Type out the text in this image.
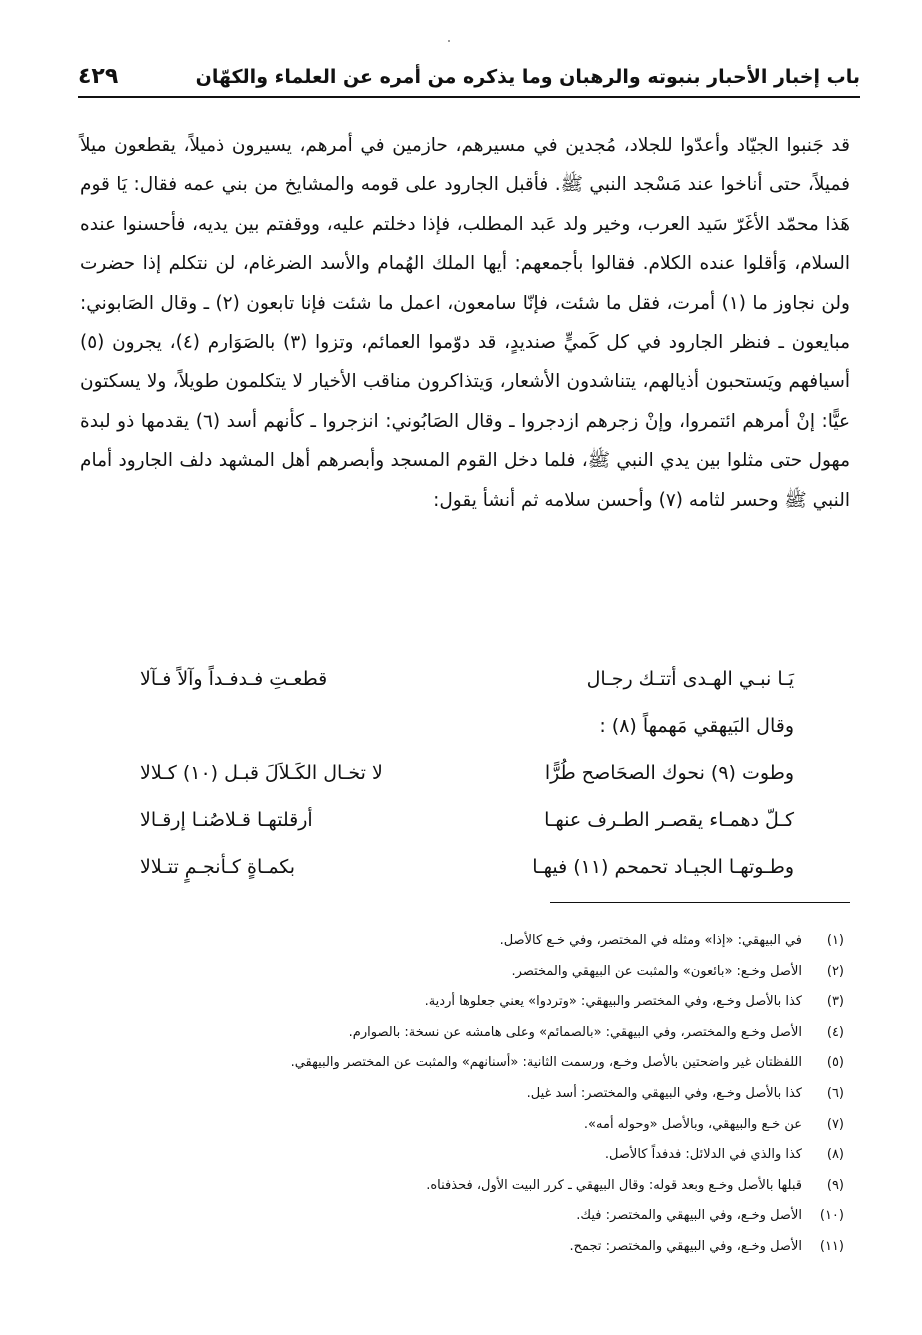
باب إخبار الأحبار بنبوته والرهبان وما يذكره من أمره عن العلماء والكهّان
٤٢٩

قد جَنبوا الجيّاد وأعدّوا للجلاد، مُجدين في مسيرهم، حازمين في أمرهم، يسيرون ذميلاً، يقطعون ميلاً فميلاً، حتى أناخوا عند مَسْجد النبي ﷺ. فأقبل الجارود على قومه والمشايخ من بني عمه فقال: يَا قوم هَذا محمّد الأغَرّ سَيد العرب، وخير ولد عَبد المطلب، فإذا دخلتم عليه، ووقفتم بين يديه، فأحسنوا عنده السلام، وَأقلوا عنده الكلام. فقالوا بأجمعهم: أيها الملك الهُمام والأسد الضرغام، لن نتكلم إذا حضرت ولن نجاوز ما (١) أمرت، فقل ما شئت، فإنّا سامعون، اعمل ما شئت فإنا تابعون (٢) ـ وقال الصَابوني: مبايعون ـ فنظر الجارود في كل كَميٍّ صنديدٍ، قد دوّموا العمائم، وتزوا (٣) بالصَوَارم (٤)، يجرون (٥) أسيافهم ويَستحبون أذيالهم، يتناشدون الأشعار، وَيتذاكرون مناقب الأخيار لا يتكلمون طويلاً، ولا يسكتون عيًّا: إنْ أمرهم ائتمروا، وإنْ زجرهم ازدجروا ـ وقال الصَابُوني: انزجروا ـ كأنهم أسد (٦) يقدمها ذو لبدة مهول حتى مثلوا بين يدي النبي ﷺ، فلما دخل القوم المسجد وأبصرهم أهل المشهد دلف الجارود أمام النبي ﷺ وحسر لثامه (٧) وأحسن سلامه ثم أنشأ يقول:

يَـا نبـي الهـدى أتتـك رجـال
قطعـتِ فـدفـداً وآلاً فـآلا
وقال البَيهقي مَهمهاً (٨) :
وطوت (٩) نحوك الصحَاصح طُرًّا
لا تخـال الكَـلاَلَ قبـل (١٠) كـلالا
كـلّ دهمـاء يقصـر الطـرف عنهـا
أرقلتهـا قـلاصُنـا إرقـالا
وطـوتهـا الجيـاد تحمحم (١١) فيهـا
بكمـاةٍ كـأنجـمٍ تتـلالا
(١)
في البيهقي: «إذا» ومثله في المختصر، وفي خـع كالأصل.
(٢)
الأصل وخـع: «بائعون» والمثبت عن البيهقي والمختصر.
(٣)
كذا بالأصل وخـع، وفي المختصر والبيهقي: «وتردوا» يعني جعلوها أردية.
(٤)
الأصل وخـع والمختصر، وفي البيهقي: «بالصمائم» وعلى هامشه عن نسخة: بالصوارم.
(٥)
اللفظتان غير واضحتين بالأصل وخـع، ورسمت الثانية: «أسنانهم» والمثبت عن المختصر والبيهقي.
(٦)
كذا بالأصل وخـع، وفي البيهقي والمختصر: أسد غيل.
(٧)
عن خـع والبيهقي، وبالأصل «وحوله أمه».
(٨)
كذا والذي في الدلائل: فدفداً كالأصل.
(٩)
قبلها بالأصل وخـع وبعد قوله: وقال البيهقي ـ كرر البيت الأول، فحذفناه.
(١٠)
الأصل وخـع، وفي البيهقي والمختصر: فيك.
(١١)
الأصل وخـع، وفي البيهقي والمختصر: تجمح.
